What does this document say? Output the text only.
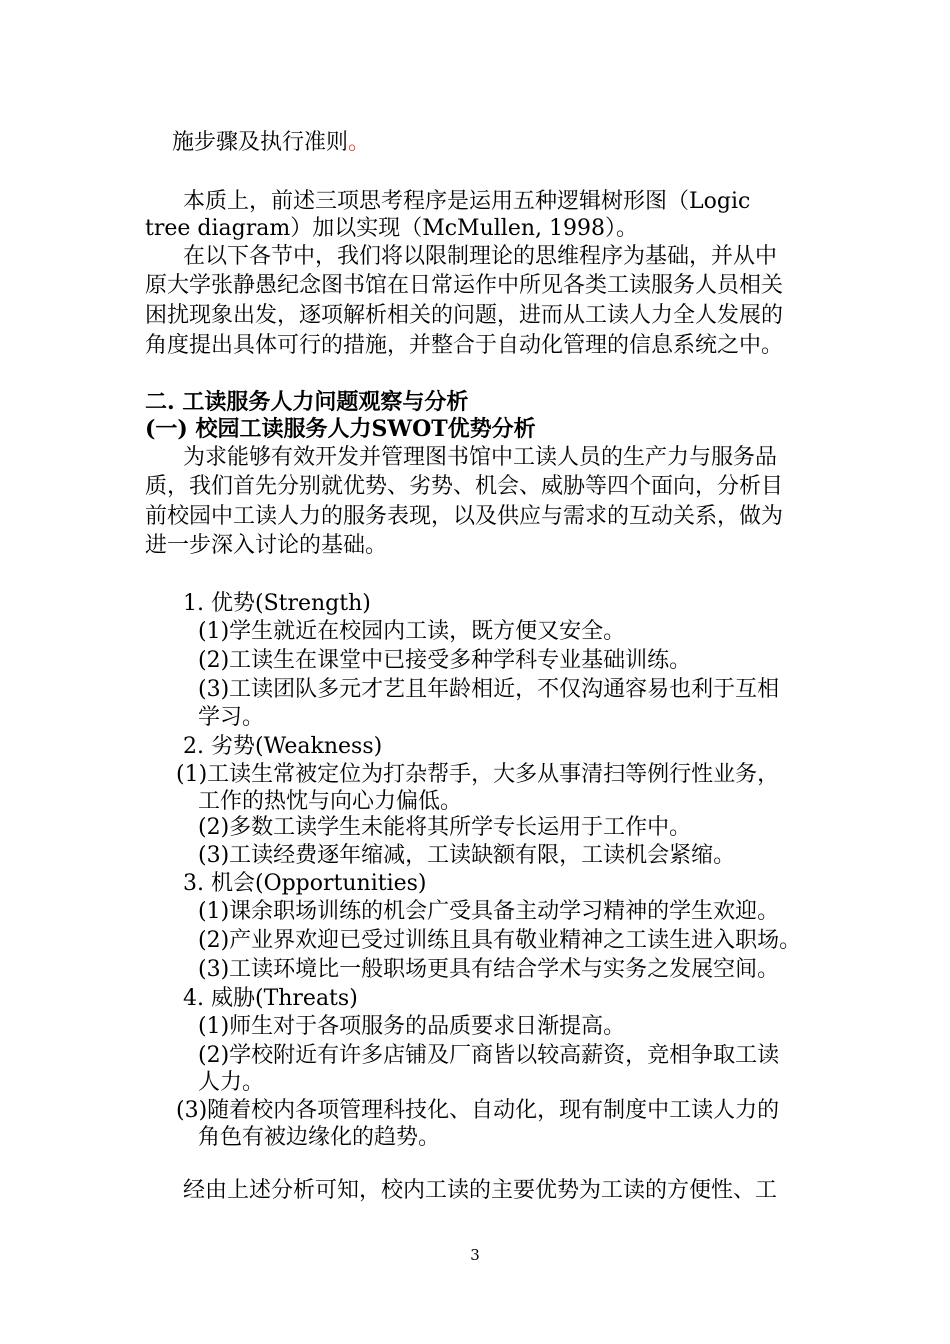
施步骤及执行准则。
本质上，前述三项思考程序是运用五种逻辑树形图（Logic
tree diagram）加以实现（McMullen, 1998）。
在以下各节中，我们将以限制理论的思维程序为基础，并从中
原大学张静愚纪念图书馆在日常运作中所见各类工读服务人员相关
困扰现象出发，逐项解析相关的问题，进而从工读人力全人发展的
角度提出具体可行的措施，并整合于自动化管理的信息系统之中。
二. 工读服务人力问题观察与分析
(一) 校园工读服务人力SWOT优势分析
为求能够有效开发并管理图书馆中工读人员的生产力与服务品
质，我们首先分别就优势、劣势、机会、威胁等四个面向，分析目
前校园中工读人力的服务表现，以及供应与需求的互动关系，做为
进一步深入讨论的基础。
1. 优势(Strength)
(1)学生就近在校园内工读，既方便又安全。
(2)工读生在课堂中已接受多种学科专业基础训练。
(3)工读团队多元才艺且年龄相近，不仅沟通容易也利于互相
学习。
2. 劣势(Weakness)
(1)工读生常被定位为打杂帮手，大多从事清扫等例行性业务，
工作的热忱与向心力偏低。
(2)多数工读学生未能将其所学专长运用于工作中。
(3)工读经费逐年缩减，工读缺额有限，工读机会紧缩。
3. 机会(Opportunities)
(1)课余职场训练的机会广受具备主动学习精神的学生欢迎。
(2)产业界欢迎已受过训练且具有敬业精神之工读生进入职场。
(3)工读环境比一般职场更具有结合学术与实务之发展空间。
4. 威胁(Threats)
(1)师生对于各项服务的品质要求日渐提高。
(2)学校附近有许多店铺及厂商皆以较高薪资，竞相争取工读
人力。
(3)随着校内各项管理科技化、自动化，现有制度中工读人力的
角色有被边缘化的趋势。
经由上述分析可知，校内工读的主要优势为工读的方便性、工
3
